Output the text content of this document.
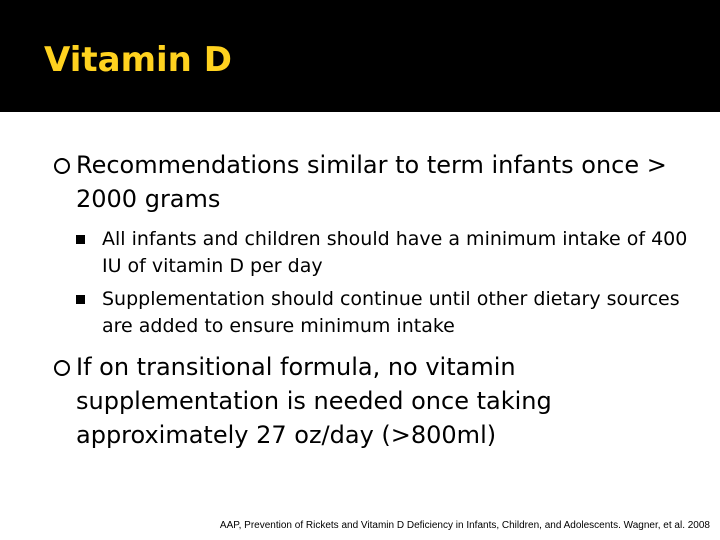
Vitamin D
Recommendations similar to term infants once > 2000 grams
All infants and children should have a minimum intake of 400 IU of vitamin D per day
Supplementation should continue until other dietary sources are added to ensure minimum intake
If on transitional formula, no vitamin supplementation is needed once taking approximately 27 oz/day (>800ml)
AAP, Prevention of Rickets and Vitamin D Deficiency in Infants, Children, and Adolescents. Wagner, et al. 2008
